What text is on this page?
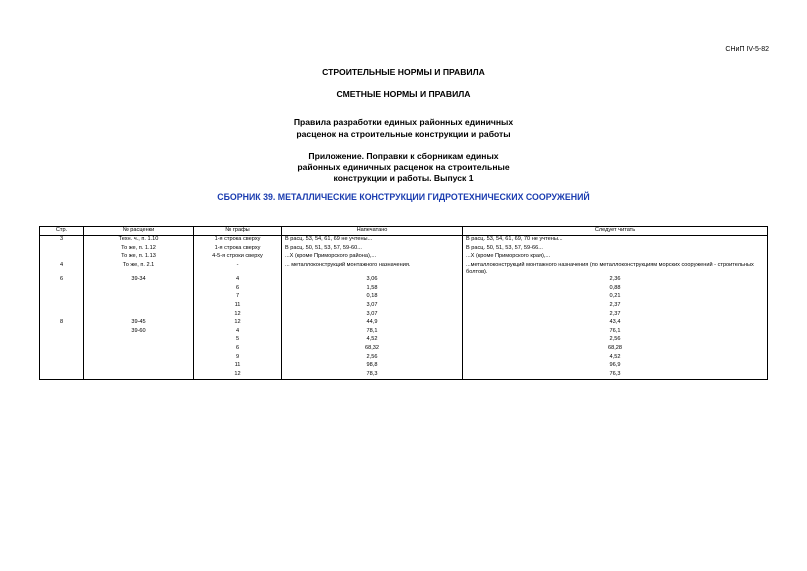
СНиП IV-5-82
СТРОИТЕЛЬНЫЕ НОРМЫ И ПРАВИЛА
СМЕТНЫЕ НОРМЫ И ПРАВИЛА
Правила разработки единых районных единичных
расценок на строительные конструкции и работы
Приложение. Поправки к сборникам единых
районных единичных расценок на строительные
конструкции и работы. Выпуск 1
СБОРНИК 39. МЕТАЛЛИЧЕСКИЕ КОНСТРУКЦИИ ГИДРОТЕХНИЧЕСКИХ СООРУЖЕНИЙ
Стр.	№ расценки	№ графы	Напечатано	Следует читать
3	Техн. ч., п. 1.10	1-я строка сверху	В расц. 53, 54, 61, 69 не учтены...	В расц. 53, 54, 61, 69, 70 не учтены...
	То же, п. 1.12	1-я строка сверху	В расц. 50, 51, 53, 57, 59-60...	В расц. 50, 51, 53, 57, 59-66...
	То же, п. 1.13	4-5-я строки сверху	...Х (кроме Приморского района),...	...Х (кроме Приморского края),...
4	То же, п. 2.1	-	... металлоконструкций монтажного назначения.	...металлоконструкций монтажного назначения (по металлоконструкциям морских сооружений - строительных болтов).
6	39-34	4	3,06	2,36
		6	1,58	0,88
		7	0,18	0,21
		11	3,07	2,37
		12	3,07	2,37
8	39-45	12	44,9	43,4
	39-60	4	78,1	76,1
		5	4,52	2,56
		6	68,32	68,28
		9	2,56	4,52
		11	98,8	96,9
		12	78,3	76,3
